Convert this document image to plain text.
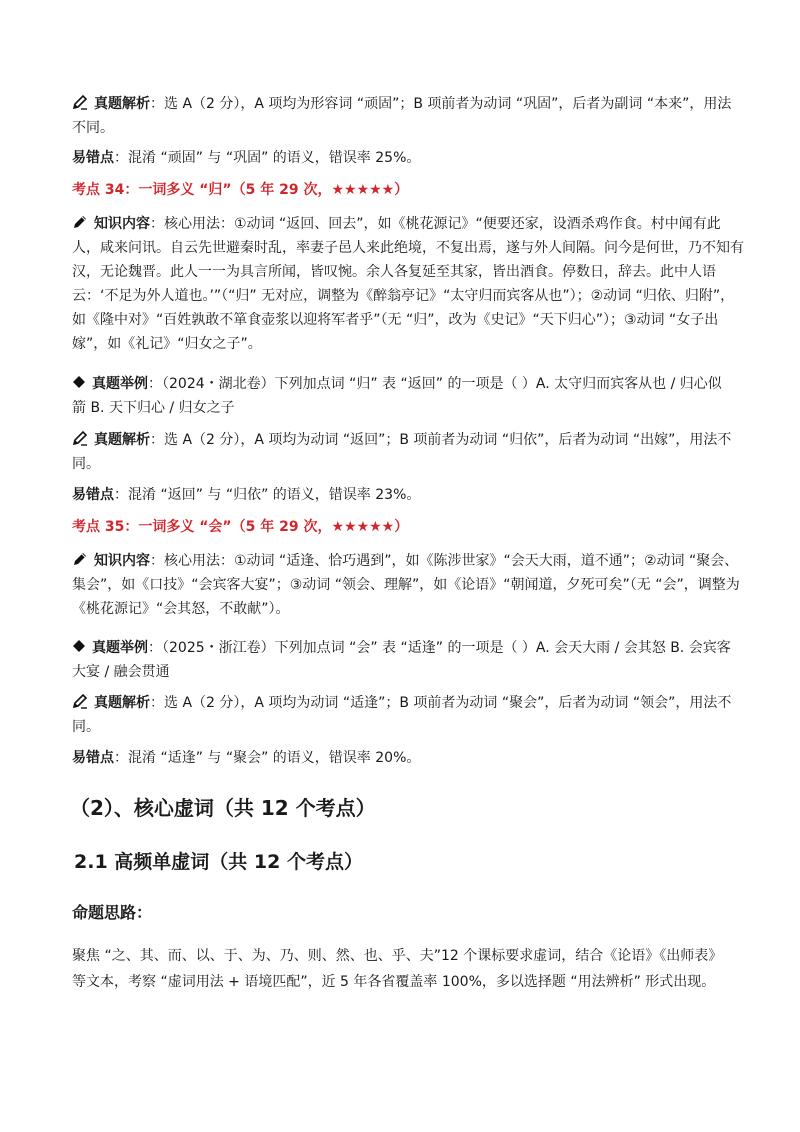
真题解析：选 A（2 分），A 项均为形容词 “顽固”；B 项前者为动词 “巩固”，后者为副词 “本来”，用法不同。

易错点：混淆 “顽固” 与 “巩固” 的语义，错误率 25%。

考点 34：一词多义 “归”（5 年 29 次，★★★★★）

知识内容：核心用法：①动词 “返回、回去”，如《桃花源记》“便要还家，设酒杀鸡作食。村中闻有此人，咸来问讯。自云先世避秦时乱，率妻子邑人来此绝境，不复出焉，遂与外人间隔。问今是何世，乃不知有汉，无论魏晋。此人一一为具言所闻，皆叹惋。余人各复延至其家，皆出酒食。停数日，辞去。此中人语云：‘不足为外人道也。’”（“归” 无对应，调整为《醉翁亭记》“太守归而宾客从也”）；②动词 “归依、归附”，如《隆中对》“百姓孰敢不箪食壶浆以迎将军者乎”（无 “归”，改为《史记》“天下归心”）；③动词 “女子出嫁”，如《礼记》“归女之子”。

真题举例：（2024・湖北卷）下列加点词 “归” 表 “返回” 的一项是（ ）A. 太守归而宾客从也 / 归心似箭 B. 天下归心 / 归女之子

真题解析：选 A（2 分），A 项均为动词 “返回”；B 项前者为动词 “归依”，后者为动词 “出嫁”，用法不同。

易错点：混淆 “返回” 与 “归依” 的语义，错误率 23%。

考点 35：一词多义 “会”（5 年 29 次，★★★★★）

知识内容：核心用法：①动词 “适逢、恰巧遇到”，如《陈涉世家》“会天大雨，道不通”；②动词 “聚会、集会”，如《口技》“会宾客大宴”；③动词 “领会、理解”，如《论语》“朝闻道，夕死可矣”（无 “会”，调整为《桃花源记》“会其怒，不敢献”）。

真题举例：（2025・浙江卷）下列加点词 “会” 表 “适逢” 的一项是（ ）A. 会天大雨 / 会其怒 B. 会宾客大宴 / 融会贯通

真题解析：选 A（2 分），A 项均为动词 “适逢”；B 项前者为动词 “聚会”，后者为动词 “领会”，用法不同。

易错点：混淆 “适逢” 与 “聚会” 的语义，错误率 20%。

（2）、核心虚词（共 12 个考点）
2.1 高频单虚词（共 12 个考点）
命题思路：

聚焦 “之、其、而、以、于、为、乃、则、然、也、乎、夫”12 个课标要求虚词，结合《论语》《出师表》等文本，考察 “虚词用法 + 语境匹配”，近 5 年各省覆盖率 100%，多以选择题 “用法辨析” 形式出现。
